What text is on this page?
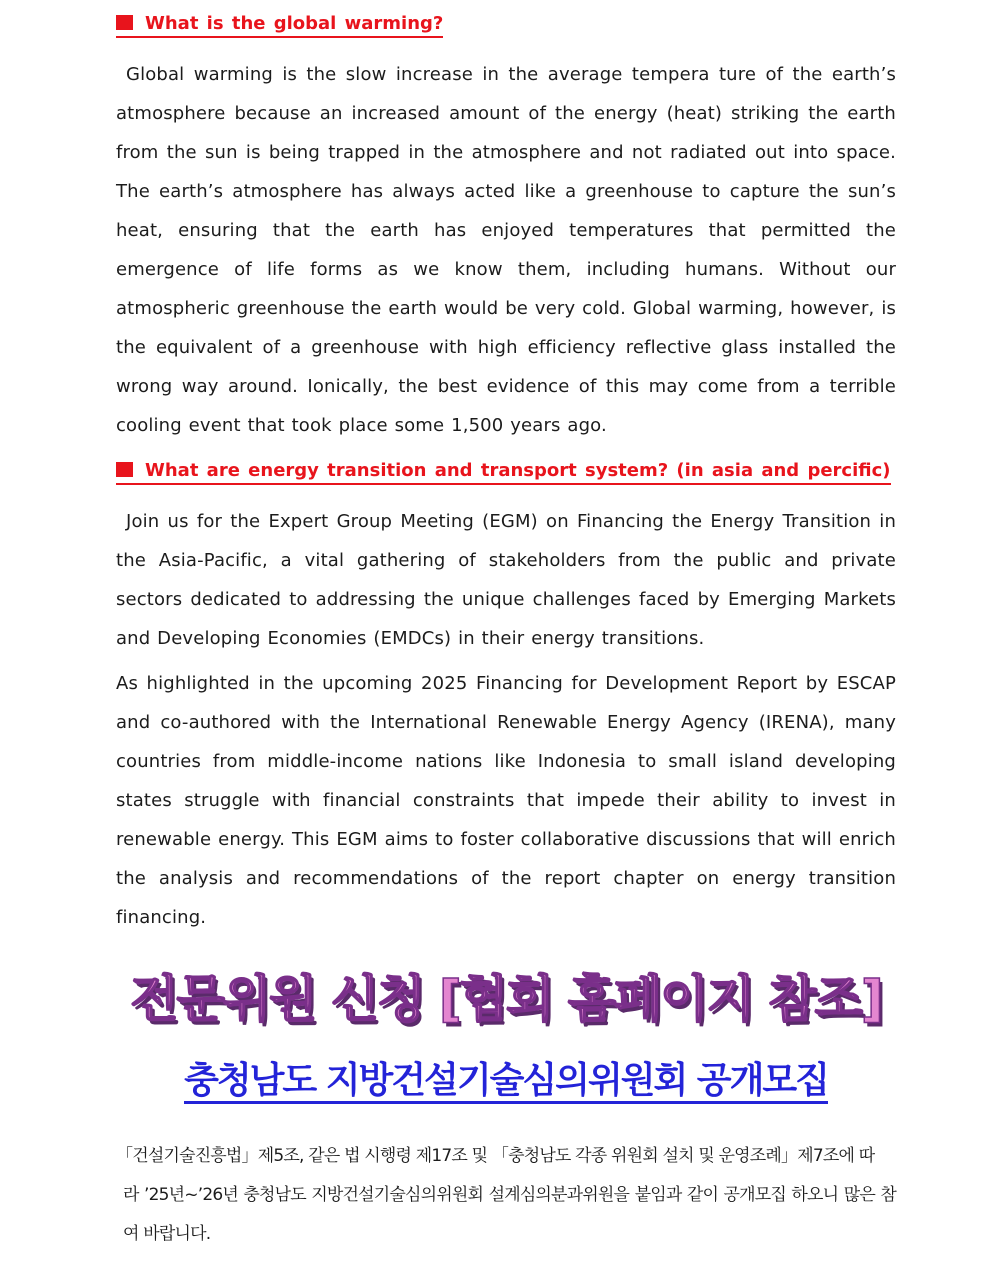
What is the global warming?

Global warming is the slow increase in the average tempera ture of the earth’s atmosphere because an increased amount of the energy (heat) striking the earth from the sun is being trapped in the atmosphere and not radiated out into space. The earth’s atmosphere has always acted like a greenhouse to capture the sun’s heat, ensuring that the earth has enjoyed temperatures that permitted the emergence of life forms as we know them, including humans. Without our atmospheric greenhouse the earth would be very cold. Global warming, however, is the equivalent of a greenhouse with high efficiency reflective glass installed the wrong way around. Ionically, the best evidence of this may come from a terrible cooling event that took place some 1,500 years ago.

What are energy transition and transport system? (in asia and percific)

Join us for the Expert Group Meeting (EGM) on Financing the Energy Transition in the Asia-Pacific, a vital gathering of stakeholders from the public and private sectors dedicated to addressing the unique challenges faced by Emerging Markets and Developing Economies (EMDCs) in their energy transitions.

As highlighted in the upcoming 2025 Financing for Development Report by ESCAP and co-authored with the International Renewable Energy Agency (IRENA), many countries from middle-income nations like Indonesia to small island developing states struggle with financial constraints that impede their ability to invest in renewable energy. This EGM aims to foster collaborative discussions that will enrich the analysis and recommendations of the report chapter on energy transition financing.

전문위원 신청 [협회 홈페이지 참조]
충청남도 지방건설기술심의위원회 공개모집
「건설기술진흥법」제5조, 같은 법 시행령 제17조 및 「충청남도 각종 위원회 설치 및 운영조례」제7조에 따
라 ’25년~’26년 충청남도 지방건설기술심의위원회 설계심의분과위원을 붙임과 같이 공개모집 하오니 많은 참여 바랍니다.
